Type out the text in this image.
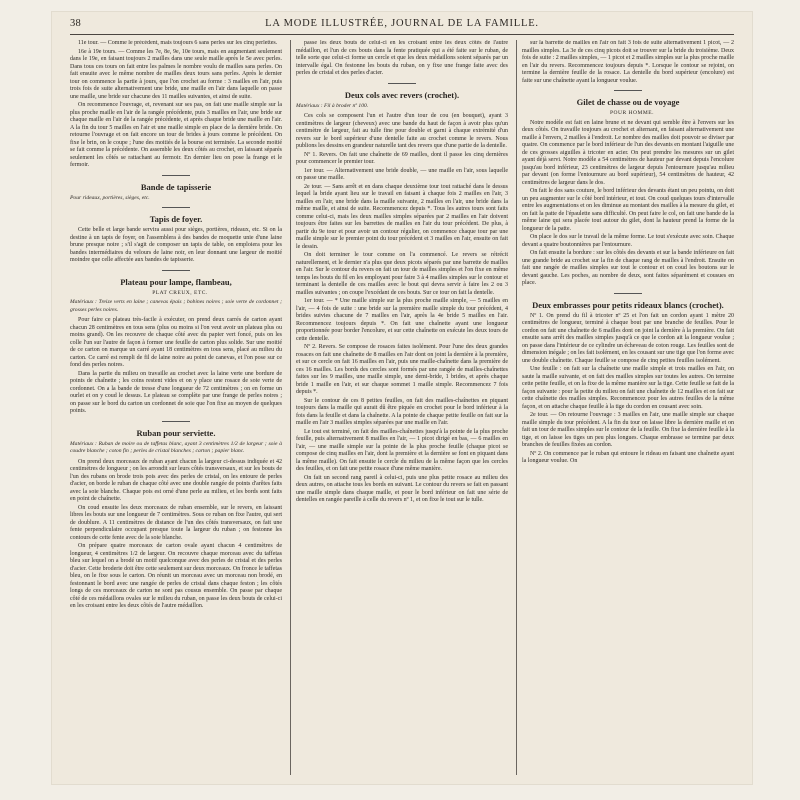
38	LA MODE ILLUSTRÉE, JOURNAL DE LA FAMILLE.

11e tour. — Comme le précédent, mais toujours 6 sans perles sur les cinq perlettes.

16e à 19e tours. — Comme les 7e, 8e, 9e, 10e tours, mais en augmentant seulement dans le 19e, en faisant toujours 2 mailles dans une seule maille après le 5e avec perles. Dans tous ces tours on fait entre les palmes le nombre voulu de mailles sans perles. On fait ensuite avec le même nombre de mailles deux tours sans perles. Après le dernier tour on commence la partie à jours, que l'on crochet au forme : 3 mailles en l'air, puis trois fois de suite alternativement une bride, une maille en l'air dans laquelle on passe une maille, une bride sur chacune des 11 mailles suivantes, et ainsi de suite.

On recommence l'ouvrage, et, revenant sur ses pas, on fait une maille simple sur la plus proche maille en l'air de la rangée précédente, puis 3 mailles en l'air, une bride sur chaque maille en l'air de la rangée précédente, et après chaque bride une maille en l'air. A la fin du tour 5 mailles en l'air et une maille simple en place de la dernière bride. On retourne l'ouvrage et on fait encore un tour de brides à jours comme le précédent. On fixe le brin, on le coupe ; l'une des moitiés de la bourse est terminée. La seconde moitié se fait comme la précédente. On assemble les deux côtés au crochet, en laissant séparés seulement les côtés se rattachant au fermoir. En dernier lieu on pose la frange et le fermoir.

Bande de tapisserie

Pour rideaux, portières, sièges, etc.

Tapis de foyer.

Cette belle et large bande servira aussi pour sièges, portières, rideaux, etc. Si on la destine à un tapis de foyer, on l'assemblera à des bandes de moquette unie d'une laine brune presque noire ; s'il s'agit de composer un tapis de table, on emploiera pour les bandes intermédiaires du velours de laine noir, en leur donnant une largeur de moitié moindre que celle affectée aux bandes de tapisserie.

Plateau pour lampe, flambeau,

PLAT CREUX, ETC.

Matériaux : Treize verts en laine ; canevas épais ; bobines noires ; soie verte de cordonnet ; grosses perles noires.

Pour faire ce plateau très-facile à exécuter, on prend deux carrés de carton ayant chacun 28 centimètres en tous sens (plus ou moins si l'on veut avoir un plateau plus ou moins grand). On les recouvre de chaque côté avec du papier vert foncé, puis on les colle l'un sur l'autre de façon à former une feuille de carton plus solide. Sur une moitié de ce carton on marque un carré ayant 18 centimètres en tous sens, placé au milieu du carton. Ce carré est rempli de fil de laine noire au point de canevas, et l'on pose sur ce fond des perles noires.

Dans la partie du milieu on travaille au crochet avec la laine verte une bordure de points de chaînette ; les coins restent vides et on y place une rosace de soie verte de cordonnet. On a la bande de tresse d'une longueur de 72 centimètres ; on en forme un ourlet et on y coud le dessus. Le plateau se complète par une frange de perles noires ; on passe sur le bord du carton un cordonnet de soie que l'on fixe au moyen de quelques points.

Ruban pour serviette.

Matériaux : Ruban de moire ou de taffetas blanc, ayant 3 centimètres 1/2 de largeur ; soie à coudre blanche ; coton fin ; perles de cristal blanches ; carton ; papier blanc.

On prend deux morceaux de ruban ayant chacun la largeur ci-dessus indiquée et 42 centimètres de longueur ; on les arrondit sur leurs côtés transversaux, et sur les bouts de l'un des rubans on brode trois pois avec des perles de cristal, on les entoure de perles d'acier, on borde le ruban de chaque côté avec une double rangée de points d'arêtes faits avec la soie blanche. Chaque pois est orné d'une perle au milieu, et les bords sont faits en point de chaînette.

On coud ensuite les deux morceaux de ruban ensemble, sur le revers, en laissant libres les bouts sur une longueur de 7 centimètres. Sous ce ruban on fixe l'autre, qui sert de doublure. A 11 centimètres de distance de l'un des côtés transversaux, on fait une fente perpendiculaire occupant presque toute la largeur du ruban ; on festonne les contours de cette fente avec de la soie blanche.

On prépare quatre morceaux de carton ovale ayant chacun 4 centimètres de longueur, 4 centimètres 1/2 de largeur. On recouvre chaque morceau avec du taffetas bleu sur lequel on a brodé un motif quelconque avec des perles de cristal et des perles d'acier. Cette broderie doit être cette seulement sur deux morceaux. On fronce le taffetas bleu, on le fixe sous le carton. On réunit un morceau avec un morceau non brodé, en festonnant le bord avec une rangée de perles de cristal dans chaque feston ; les côtés longs de ces morceaux de carton ne sont pas cousus ensemble. On passe par chaque côté de ces médaillons ovales sur le milieu du ruban, on passe les deux bouts de celui-ci en les croisant entre les deux côtés de l'autre médaillon.

passe les deux bouts de celui-ci en les croisant entre les deux côtés de l'autre médaillon, et l'un de ces bouts dans la fente pratiquée qui a été faite sur le ruban, de telle sorte que celui-ci forme un cercle et que les deux médaillons soient séparés par un intervalle égal. On festonne les bouts du ruban, on y fixe une frange faite avec des perles de cristal et des perles d'acier.

Deux cols avec revers (crochet).

Matériaux : Fil à broder nº 100.

Ces cols se composent l'un et l'autre d'un tour de cou (en bouquet), ayant 3 centimètres de largeur (cheveux) avec une bande du haut de façon à avoir plus qu'un centimètre de largeur, fait au tulle fine pour double et garni à chaque extrémité d'un revers sur le bord supérieur d'une dentelle faite au crochet comme le revers. Nous publions les dessins en grandeur naturelle tant des revers que d'une partie de la dentelle.

Nº 1. Revers. On fait une chaînette de 69 mailles, dont il passe les cinq dernières pour commencer le premier tour.

1er tour. — Alternativement une bride double, — une maille en l'air, sous laquelle on passe une maille.

2e tour. — Sans arrêt et en dans chaque deuxième tour tout rattaché dans le dessus lequel la bride ayant lieu sur le travail en faisant à chaque fois 2 mailles en l'air, 3 mailles en l'air, une bride dans la maille suivante, 2 mailles en l'air, une bride dans la même maille, et ainsi de suite. Recommencez depuis *. Tous les autres tours sont faits comme celui-ci, mais les deux mailles simples séparées par 2 mailles en l'air doivent toujours être faites sur les barrettes de mailles en l'air du tour précédent. De plus, à partir du 9e tour et pour avoir un contour régulier, on commence chaque tour par une maille simple sur le premier point du tour précédent et 3 mailles en l'air, ensuite on fait le dessin.

On doit terminer le tour comme on l'a commencé. Le revers se rétrécit naturellement, et le dernier n'a plus que deux picots séparés par une barrette de mailles en l'air. Sur le contour du revers on fait un tour de mailles simples et l'on fixe en même temps les bouts du fil en les employant pour faire 3 à 4 mailles simples sur le contour et terminant la dentelle de ces mailles avec le bout qui devra servir à faire les 2 ou 3 mailles suivantes ; on coupe l'excédant de ces bouts. Sur ce tour on fait la dentelle.

1er tour. — * Une maille simple sur la plus proche maille simple, — 5 mailles en l'air, — 4 fois de suite : une bride sur la première maille simple du tour précédent, 4 brides suivies chacune de 7 mailles en l'air, après la 4e bride 5 mailles en l'air. Recommencez toujours depuis *. On fait une chaînette ayant une longueur proportionnée pour border l'encolure, et sur cette chaînette on exécute les deux tours de cette dentelle.

Nº 2. Revers. Se compose de rosaces faites isolément. Pour l'une des deux grandes rosaces on fait une chaînette de 8 mailles en l'air dont on joint la dernière à la première, et sur ce cercle on fait 16 mailles en l'air, puis une maille-chaînette dans la première de ces 16 mailles. Les bords des cercles sont formés par une rangée de mailles-chaînettes faites sur les 9 mailles, une maille simple, une demi-bride, 1 brides, et après chaque bride 1 maille en l'air, et sur chaque sommet 1 maille simple. Recommencez 7 fois depuis *.

Sur le contour de ces 8 petites feuilles, on fait des mailles-chaînettes en piquant toujours dans la maille qui aurait dû être piquée en crochet pour le bord inférieur à la fois dans la feuille et dans la chaînette. A la pointe de chaque petite feuille on fait sur la maille en l'air 3 mailles simples séparées par une maille en l'air.

Le tout est terminé, on fait des mailles-chaînettes jusqu'à la pointe de la plus proche feuille, puis alternativement 8 mailles en l'air, — 1 picot dirigé en bas, — 6 mailles en l'air, — une maille simple sur la pointe de la plus proche feuille (chaque picot se compose de cinq mailles en l'air, dont la première et la dernière se font en piquant dans la même maille). On fait ensuite le cercle du milieu de la même façon que les cercles des feuilles, et on fait une petite rosace d'une même manière.

On fait un second rang pareil à celui-ci, puis une plus petite rosace au milieu des deux autres, on attache tous les bords en suivant. Le contour du revers se fait en passant une maille simple dans chaque maille, et pour le bord inférieur on fait une série de dentelles en rangée pareille à celle du revers nº 1, et on fixe le tout sur le tulle.

sur la barrette de mailles en l'air on fait 3 fois de suite alternativement 1 picot, — 2 mailles simples. La 3e de ces cinq picots doit se trouver sur la bride du troisième. Deux fois de suite : 2 mailles simples, — 1 picot et 2 mailles simples sur la plus proche maille en l'air du revers. Recommencez toujours depuis *. Lorsque le contour se rejoint, on termine la dernière feuille de la rosace. La dentelle du bord supérieur (encolure) est faite sur une chaînette ayant la longueur voulue.

Gilet de chasse ou de voyage

POUR HOMME.

Notre modèle est fait en laine brune et ne devant qui semble être à l'envers sur les deux côtés. On travaille toujours au crochet et alternant, en faisant alternativement une maille à l'envers, 2 mailles à l'endroit. Le nombre des mailles doit pouvoir se diviser par quatre. On commence par le bord inférieur de l'un des devants en montant l'aiguille une de ces grosses aiguilles à tricoter en acier. On peut prendre les mesures sur un gilet ayant déjà servi. Notre modèle a 54 centimètres de hauteur par devant depuis l'encolure jusqu'au bord inférieur, 23 centimètres de largeur depuis l'entournure jusqu'au milieu par devant (on forme l'entournure au bord supérieur), 54 centimètres de hauteur, 42 centimètres de largeur dans le dos.

On fait le dos sans couture, le bord inférieur des devants étant un peu pointu, on doit un peu augmenter sur le côté bord intérieur, et tout. On coud quelques tours d'intervalle entre les augmentations et on les diminue au montant des mailles à la mesure du gilet, et on fait la patte de l'épaulette sans difficulté. On peut faire le col, on fait une bande de la même laine qui sera placée tout autour du gilet, dont la hauteur prend la forme de la longueur de la patte.

On place le dos sur le travail de la même forme. Le tout s'exécute avec soin. Chaque devant a quatre boutonnières par l'entournure.

On fait ensuite la bordure : sur les côtés des devants et sur la bande inférieure on fait une grande bride au crochet sur la fin de chaque rang de mailles à l'endroit. Ensuite on fait une rangée de mailles simples sur tout le contour et on coud les boutons sur le devant gauche. Les poches, au nombre de deux, sont faites séparément et cousues en place.

Deux embrasses pour petits rideaux blancs (crochet).

Nº 1. On prend du fil à tricoter nº 25 et l'on fait un cordon ayant 1 mètre 20 centimètres de longueur, terminé à chaque bout par une branche de feuilles. Pour le cordon on fait une chaînette de 6 mailles dont on joint la dernière à la première. On fait ensuite sans arrêt des mailles simples jusqu'à ce que le cordon ait la longueur voulue ; on passe dans l'intérieur de ce cylindre un écheveau de coton rouge. Les feuilles sont de dimension inégale ; on les fait isolément, en les cousant sur une tige que l'on forme avec une double chaînette. Chaque feuille se compose de cinq petites feuilles isolément.

Une feuille : on fait sur la chaînette une maille simple et trois mailles en l'air, on saute la maille suivante, et on fait des mailles simples sur toutes les autres. On termine cette petite feuille, et on la fixe de la même manière sur la tige. Cette feuille se fait de la façon suivante : pour la petite du milieu on fait une chaînette de 12 mailles et on fait sur cette chaînette des mailles simples. Recommencez pour les autres feuilles de la même façon, et on attache chaque feuille à la tige du cordon en cousant avec soin.

2e tour. — On retourne l'ouvrage : 3 mailles en l'air, une maille simple sur chaque maille simple du tour précédent. A la fin du tour on laisse libre la dernière maille et on fait un tour de mailles simples sur le contour de la feuille. On fixe la dernière feuille à la tige, et on laisse les tiges un peu plus longues. Chaque embrasse se termine par deux branches de feuilles fixées au cordon.

Nº 2. On commence par le ruban qui entoure le rideau en faisant une chaînette ayant la longueur voulue. On
